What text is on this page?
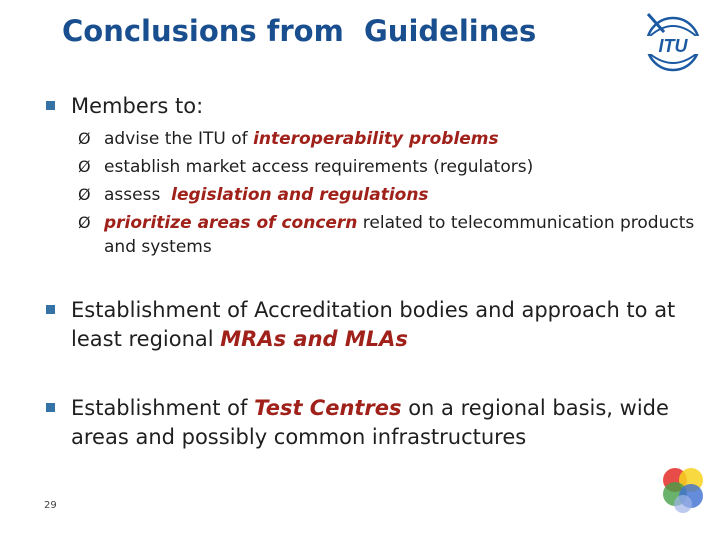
Conclusions from  Guidelines	ITU
Members to:
Ø advise the ITU of interoperability problems
Ø establish market access requirements (regulators)
Ø assess  legislation and regulations
Ø prioritize areas of concern related to telecommunication products and systems
Establishment of Accreditation bodies and approach to at least regional MRAs and MLAs
Establishment of Test Centres on a regional basis, wide areas and possibly common infrastructures
29
